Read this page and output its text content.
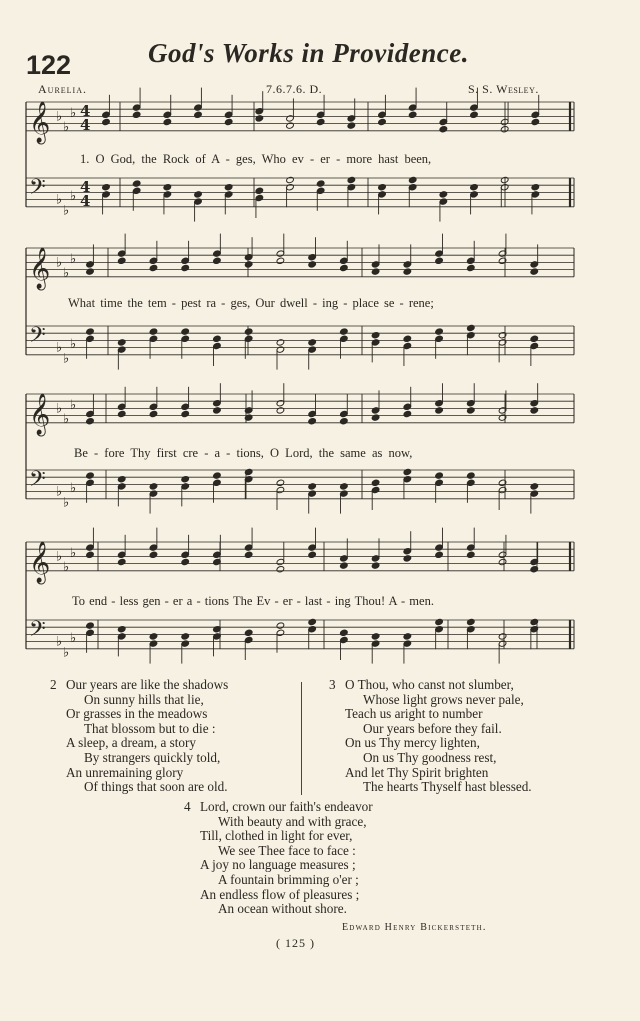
122	God's Works in Providence.
Aurelia.	7.6.7.6. D.	S. S. Wesley.
𝄞 ♭
♭
♭ 4
4
𝄢 ♭
♭
♭
4
4
𝄞 ♭
♭
♭
𝄢 ♭
♭
♭
𝄞 ♭
♭
♭
𝄢 ♭
♭
♭
𝄞 ♭
♭
♭
𝄢 ♭
♭
♭
1. O God, the Rock of A - ges, Who ev - er - more hast been,
What time the tem - pest ra - ges, Our dwell - ing - place se - rene;
Be - fore Thy first cre - a - tions, O Lord, the same as now,
To end - less gen - er a - tions The Ev - er - last - ing Thou! A - men.
2 Our years are like the shadows
On sunny hills that lie,
Or grasses in the meadows
That blossom but to die :
A sleep, a dream, a story
By strangers quickly told,
An unremaining glory
Of things that soon are old.
3 O Thou, who canst not slumber,
Whose light grows never pale,
Teach us aright to number
Our years before they fail.
On us Thy mercy lighten,
On us Thy goodness rest,
And let Thy Spirit brighten
The hearts Thyself hast blessed.
4 Lord, crown our faith's endeavor
With beauty and with grace,
Till, clothed in light for ever,
We see Thee face to face :
A joy no language measures ;
A fountain brimming o'er ;
An endless flow of pleasures ;
An ocean without shore.
Edward Henry Bickersteth.
( 125 )
